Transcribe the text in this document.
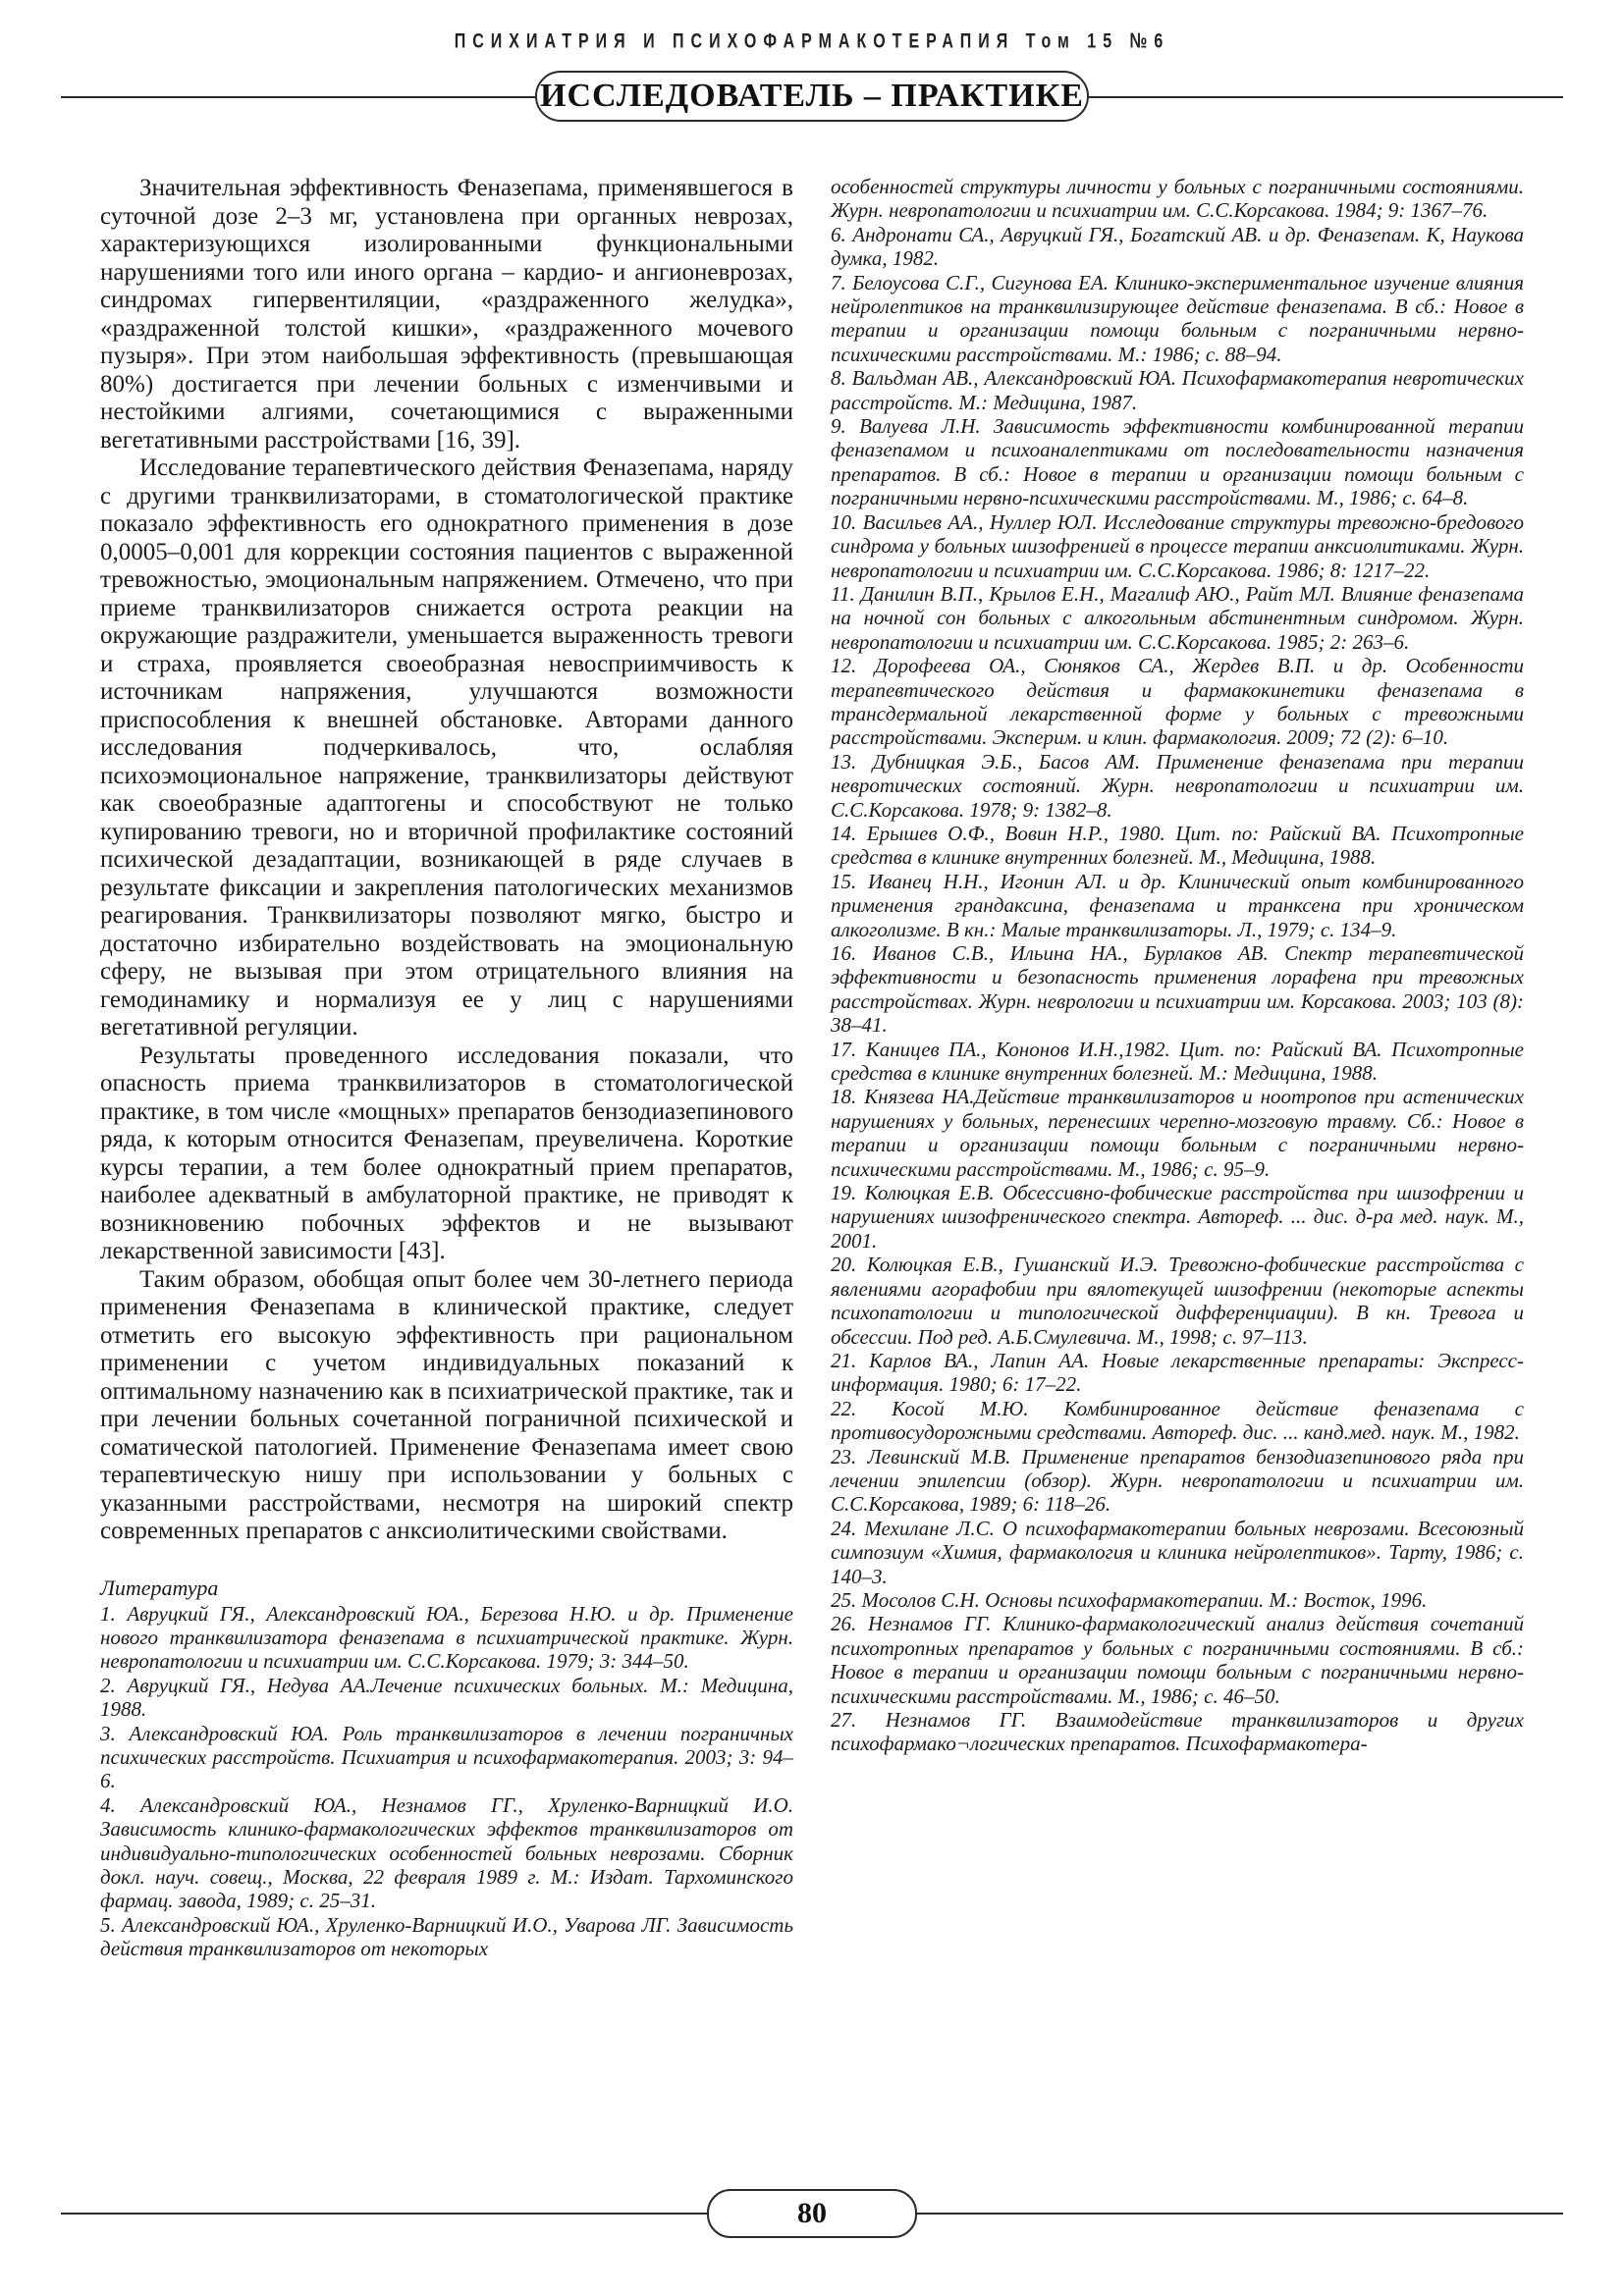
ПСИХИАТРИЯ И ПСИХОФАРМАКОТЕРАПИЯ Том 15 №6
ИССЛЕДОВАТЕЛЬ – ПРАКТИКЕ

Значительная эффективность Феназепама, применявшегося в суточной дозе 2–3 мг, установлена при органных неврозах, характеризующихся изолированными функциональными нарушениями того или иного органа – кардио- и ангионеврозах, синдромах гипервентиляции, «раздраженного желудка», «раздраженной толстой кишки», «раздраженного мочевого пузыря». При этом наибольшая эффективность (превышающая 80%) достигается при лечении больных с изменчивыми и нестойкими алгиями, сочетающимися с выраженными вегетативными расстройствами [16, 39].

Исследование терапевтического действия Феназепама, наряду с другими транквилизаторами, в стоматологической практике показало эффективность его однократного применения в дозе 0,0005–0,001 для коррекции состояния пациентов с выраженной тревожностью, эмоциональным напряжением. Отмечено, что при приеме транквилизаторов снижается острота реакции на окружающие раздражители, уменьшается выраженность тревоги и страха, проявляется своеобразная невосприимчивость к источникам напряжения, улучшаются возможности приспособления к внешней обстановке. Авторами данного исследования подчеркивалось, что, ослабляя психоэмоциональное напряжение, транквилизаторы действуют как своеобразные адаптогены и способствуют не только купированию тревоги, но и вторичной профилактике состояний психической дезадаптации, возникающей в ряде случаев в результате фиксации и закрепления патологических механизмов реагирования. Транквилизаторы позволяют мягко, быстро и достаточно избирательно воздействовать на эмоциональную сферу, не вызывая при этом отрицательного влияния на гемодинамику и нормализуя ее у лиц с нарушениями вегетативной регуляции.

Результаты проведенного исследования показали, что опасность приема транквилизаторов в стоматологической практике, в том числе «мощных» препаратов бензодиазепинового ряда, к которым относится Феназепам, преувеличена. Короткие курсы терапии, а тем более однократный прием препаратов, наиболее адекватный в амбулаторной практике, не приводят к возникновению побочных эффектов и не вызывают лекарственной зависимости [43].

Таким образом, обобщая опыт более чем 30-летнего периода применения Феназепама в клинической практике, следует отметить его высокую эффективность при рациональном применении с учетом индивидуальных показаний к оптимальному назначению как в психиатрической практике, так и при лечении больных сочетанной пограничной психической и соматической патологией. Применение Феназепама имеет свою терапевтическую нишу при использовании у больных с указанными расстройствами, несмотря на широкий спектр современных препаратов с анксиолитическими свойствами.

Литература

1. Авруцкий ГЯ., Александровский ЮА., Березова Н.Ю. и др. Применение нового транквилизатора феназепама в психиатрической практике. Журн. невропатологии и психиатрии им. С.С.Корсакова. 1979; 3: 344–50.

2. Авруцкий ГЯ., Недува АА.Лечение психических больных. М.: Медицина, 1988.

3. Александровский ЮА. Роль транквилизаторов в лечении пограничных психических расстройств. Психиатрия и психофармакотерапия. 2003; 3: 94–6.

4. Александровский ЮА., Незнамов ГГ., Хруленко-Варницкий И.О. Зависимость клинико-фармакологических эффектов транквилизаторов от индивидуально-типологических особенностей больных неврозами. Сборник докл. науч. совещ., Москва, 22 февраля 1989 г. М.: Издат. Тархоминского фармац. завода, 1989; с. 25–31.

5. Александровский ЮА., Хруленко-Варницкий И.О., Уварова ЛГ. Зависимость действия транквилизаторов от некоторых

особенностей структуры личности у больных с пограничными состояниями. Журн. невропатологии и психиатрии им. С.С.Корсакова. 1984; 9: 1367–76.

6. Андронати СА., Авруцкий ГЯ., Богатский АВ. и др. Феназепам. К, Наукова думка, 1982.

7. Белоусова С.Г., Сигунова ЕА. Клинико-экспериментальное изучение влияния нейролептиков на транквилизирующее действие феназепама. В сб.: Новое в терапии и организации помощи больным с пограничными нервно-психическими расстройствами. М.: 1986; с. 88–94.

8. Вальдман АВ., Александровский ЮА. Психофармакотерапия невротических расстройств. М.: Медицина, 1987.

9. Валуева Л.Н. Зависимость эффективности комбинированной терапии феназепамом и психоаналептиками от последовательности назначения препаратов. В сб.: Новое в терапии и организации помощи больным с пограничными нервно-психическими расстройствами. М., 1986; с. 64–8.

10. Васильев АА., Нуллер ЮЛ. Исследование структуры тревожно-бредового синдрома у больных шизофренией в процессе терапии анксиолитиками. Журн. невропатологии и психиатрии им. С.С.Корсакова. 1986; 8: 1217–22.

11. Данилин В.П., Крылов Е.Н., Магалиф АЮ., Райт МЛ. Влияние феназепама на ночной сон больных с алкогольным абстинентным синдромом. Журн. невропатологии и психиатрии им. С.С.Корсакова. 1985; 2: 263–6.

12. Дорофеева ОА., Сюняков СА., Жердев В.П. и др. Особенности терапевтического действия и фармакокинетики феназепама в трансдермальной лекарственной форме у больных с тревожными расстройствами. Эксперим. и клин. фармакология. 2009; 72 (2): 6–10.

13. Дубницкая Э.Б., Басов АМ. Применение феназепама при терапии невротических состояний. Журн. невропатологии и психиатрии им. С.С.Корсакова. 1978; 9: 1382–8.

14. Ерышев О.Ф., Вовин Н.Р., 1980. Цит. по: Райский ВА. Психотропные средства в клинике внутренних болезней. М., Медицина, 1988.

15. Иванец Н.Н., Игонин АЛ. и др. Клинический опыт комбинированного применения грандаксина, феназепама и транксена при хроническом алкоголизме. В кн.: Малые транквилизаторы. Л., 1979; с. 134–9.

16. Иванов С.В., Ильина НА., Бурлаков АВ. Спектр терапевтической эффективности и безопасность применения лорафена при тревожных расстройствах. Журн. неврологии и психиатрии им. Корсакова. 2003; 103 (8): 38–41.

17. Каницев ПА., Кононов И.Н.,1982. Цит. по: Райский ВА. Психотропные средства в клинике внутренних болезней. М.: Медицина, 1988.

18. Князева НА.Действие транквилизаторов и ноотропов при астенических нарушениях у больных, перенесших черепно-мозговую травму. Сб.: Новое в терапии и организации помощи больным с пограничными нервно-психическими расстройствами. М., 1986; с. 95–9.

19. Колюцкая Е.В. Обсессивно-фобические расстройства при шизофрении и нарушениях шизофренического спектра. Автореф. ... дис. д-ра мед. наук. М., 2001.

20. Колюцкая Е.В., Гушанский И.Э. Тревожно-фобические расстройства с явлениями агорафобии при вялотекущей шизофрении (некоторые аспекты психопатологии и типологической дифференциации). В кн. Тревога и обсессии. Под ред. А.Б.Смулевича. М., 1998; с. 97–113.

21. Карлов ВА., Лапин АА. Новые лекарственные препараты: Экспресс-информация. 1980; 6: 17–22.

22. Косой М.Ю. Комбинированное действие феназепама с противосудорожными средствами. Автореф. дис. ... канд.мед. наук. М., 1982.

23. Левинский М.В. Применение препаратов бензодиазепинового ряда при лечении эпилепсии (обзор). Журн. невропатологии и психиатрии им. С.С.Корсакова, 1989; 6: 118–26.

24. Мехилане Л.С. О психофармакотерапии больных неврозами. Всесоюзный симпозиум «Химия, фармакология и клиника нейролептиков». Тарту, 1986; с. 140–3.

25. Мосолов С.Н. Основы психофармакотерапии. М.: Восток, 1996.

26. Незнамов ГГ. Клинико-фармакологический анализ действия сочетаний психотропных препаратов у больных с пограничными состояниями. В сб.: Новое в терапии и организации помощи больным с пограничными нервно-психическими расстройствами. М., 1986; с. 46–50.

27. Незнамов ГГ. Взаимодействие транквилизаторов и других психофармако¬логических препаратов. Психофармакотера-

80
